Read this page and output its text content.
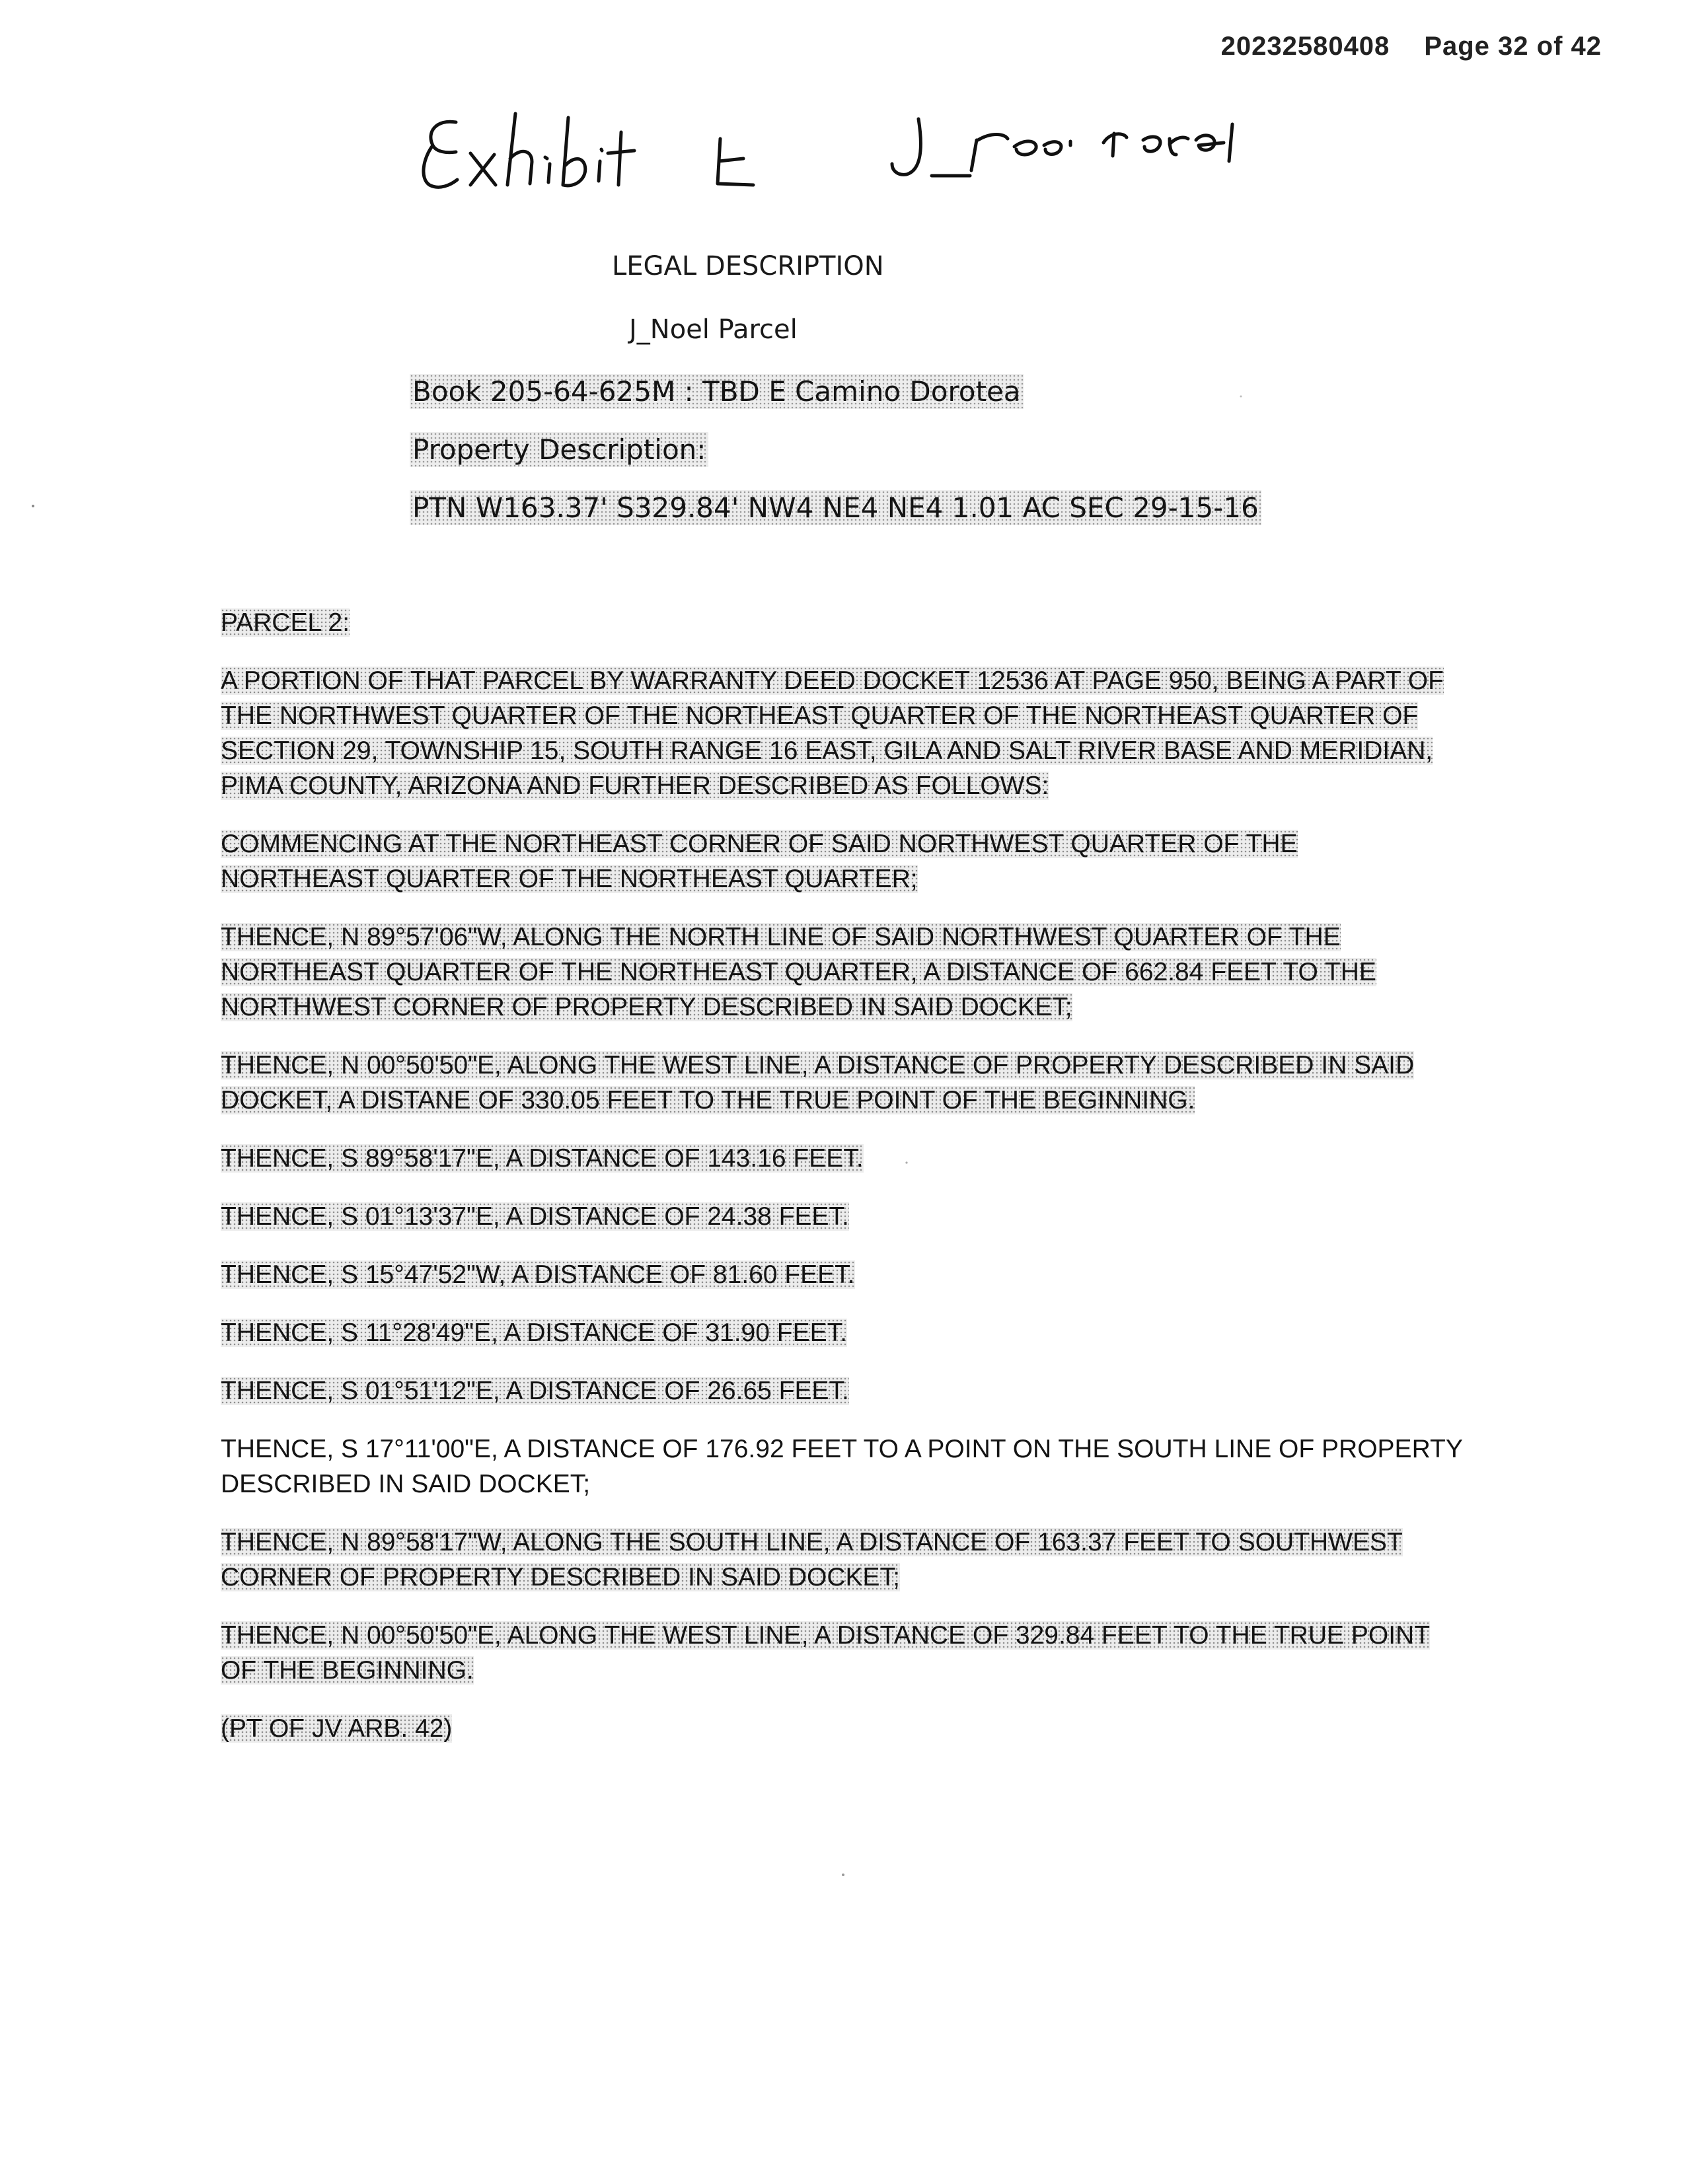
20232580408 Page 32 of 42
LEGAL DESCRIPTION
J_Noel Parcel
Book 205-64-625M : TBD E Camino Dorotea
Property Description:
PTN W163.37' S329.84' NW4 NE4 NE4 1.01 AC SEC 29-15-16

PARCEL 2:

A PORTION OF THAT PARCEL BY WARRANTY DEED DOCKET 12536 AT PAGE 950, BEING A PART OF THE NORTHWEST QUARTER OF THE NORTHEAST QUARTER OF THE NORTHEAST QUARTER OF SECTION 29, TOWNSHIP 15, SOUTH RANGE 16 EAST, GILA AND SALT RIVER BASE AND MERIDIAN, PIMA COUNTY, ARIZONA AND FURTHER DESCRIBED AS FOLLOWS:

COMMENCING AT THE NORTHEAST CORNER OF SAID NORTHWEST QUARTER OF THE NORTHEAST QUARTER OF THE NORTHEAST QUARTER;

THENCE, N 89°57'06"W, ALONG THE NORTH LINE OF SAID NORTHWEST QUARTER OF THE NORTHEAST QUARTER OF THE NORTHEAST QUARTER, A DISTANCE OF 662.84 FEET TO THE NORTHWEST CORNER OF PROPERTY DESCRIBED IN SAID DOCKET;

THENCE, N 00°50'50"E, ALONG THE WEST LINE, A DISTANCE OF PROPERTY DESCRIBED IN SAID DOCKET, A DISTANE OF 330.05 FEET TO THE TRUE POINT OF THE BEGINNING.

THENCE, S 89°58'17"E, A DISTANCE OF 143.16 FEET.

THENCE, S 01°13'37"E, A DISTANCE OF 24.38 FEET.

THENCE, S 15°47'52"W, A DISTANCE OF 81.60 FEET.

THENCE, S 11°28'49"E, A DISTANCE OF 31.90 FEET.

THENCE, S 01°51'12"E, A DISTANCE OF 26.65 FEET.

THENCE, S 17°11'00"E, A DISTANCE OF 176.92 FEET TO A POINT ON THE SOUTH LINE OF PROPERTY DESCRIBED IN SAID DOCKET;

THENCE, N 89°58'17"W, ALONG THE SOUTH LINE, A DISTANCE OF 163.37 FEET TO SOUTHWEST CORNER OF PROPERTY DESCRIBED IN SAID DOCKET;

THENCE, N 00°50'50"E, ALONG THE WEST LINE, A DISTANCE OF 329.84 FEET TO THE TRUE POINT OF THE BEGINNING.

(PT OF JV ARB. 42)
